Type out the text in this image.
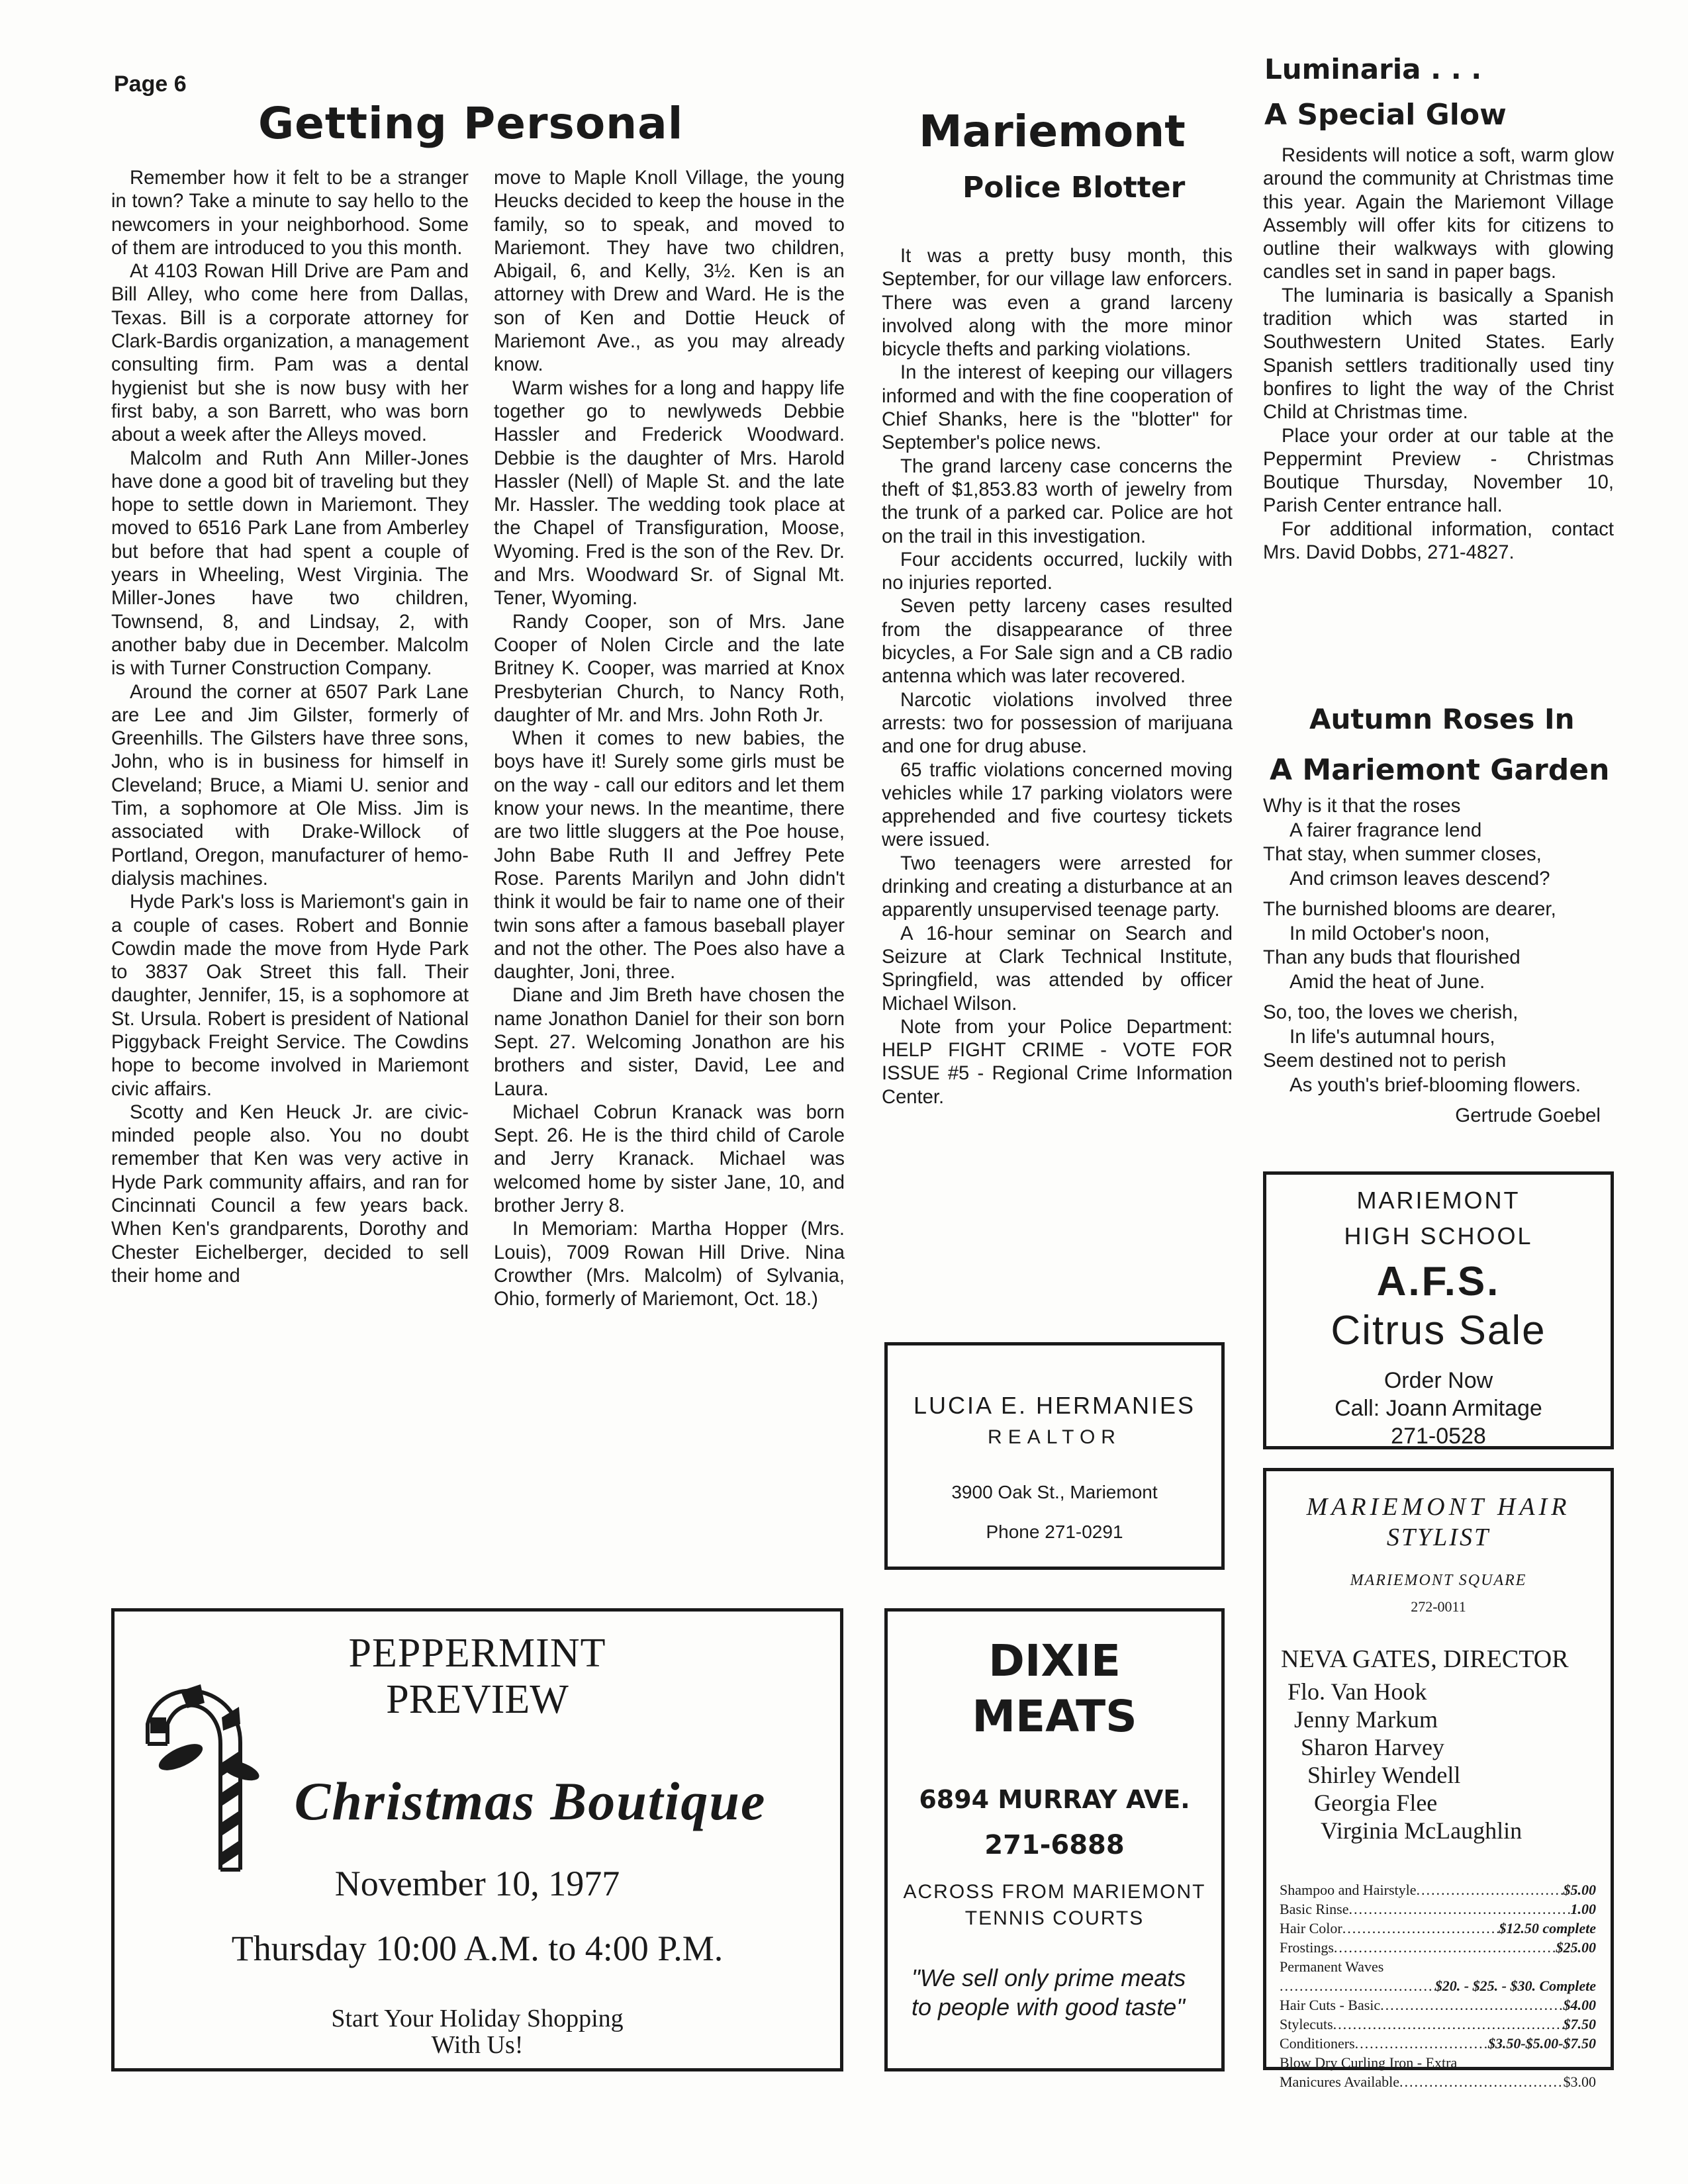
Page 6
Getting Personal

Remember how it felt to be a stranger in town? Take a minute to say hello to the newcomers in your neighborhood. Some of them are introduced to you this month.

At 4103 Rowan Hill Drive are Pam and Bill Alley, who come here from Dallas, Texas. Bill is a corporate attorney for Clark-Bardis organization, a management consulting firm. Pam was a dental hygienist but she is now busy with her first baby, a son Barrett, who was born about a week after the Alleys moved.

Malcolm and Ruth Ann Miller-Jones have done a good bit of traveling but they hope to settle down in Mariemont. They moved to 6516 Park Lane from Amberley but before that had spent a couple of years in Wheeling, West Virginia. The Miller-Jones have two children, Townsend, 8, and Lindsay, 2, with another baby due in December. Malcolm is with Turner Construction Company.

Around the corner at 6507 Park Lane are Lee and Jim Gilster, formerly of Greenhills. The Gilsters have three sons, John, who is in business for himself in Cleveland; Bruce, a Miami U. senior and Tim, a sophomore at Ole Miss. Jim is associated with Drake-Willock of Portland, Oregon, manufacturer of hemo-dialysis machines.

Hyde Park's loss is Mariemont's gain in a couple of cases. Robert and Bonnie Cowdin made the move from Hyde Park to 3837 Oak Street this fall. Their daughter, Jennifer, 15, is a sophomore at St. Ursula. Robert is president of National Piggyback Freight Service. The Cowdins hope to become involved in Mariemont civic affairs.

Scotty and Ken Heuck Jr. are civic-minded people also. You no doubt remember that Ken was very active in Hyde Park community affairs, and ran for Cincinnati Council a few years back. When Ken's grandparents, Dorothy and Chester Eichelberger, decided to sell their home and

move to Maple Knoll Village, the young Heucks decided to keep the house in the family, so to speak, and moved to Mariemont. They have two children, Abigail, 6, and Kelly, 3½. Ken is an attorney with Drew and Ward. He is the son of Ken and Dottie Heuck of Mariemont Ave., as you may already know.

Warm wishes for a long and happy life together go to newlyweds Debbie Hassler and Frederick Woodward. Debbie is the daughter of Mrs. Harold Hassler (Nell) of Maple St. and the late Mr. Hassler. The wedding took place at the Chapel of Transfiguration, Moose, Wyoming. Fred is the son of the Rev. Dr. and Mrs. Woodward Sr. of Signal Mt. Tener, Wyoming.

Randy Cooper, son of Mrs. Jane Cooper of Nolen Circle and the late Britney K. Cooper, was married at Knox Presbyterian Church, to Nancy Roth, daughter of Mr. and Mrs. John Roth Jr.

When it comes to new babies, the boys have it! Surely some girls must be on the way - call our editors and let them know your news. In the meantime, there are two little sluggers at the Poe house, John Babe Ruth II and Jeffrey Pete Rose. Parents Marilyn and John didn't think it would be fair to name one of their twin sons after a famous baseball player and not the other. The Poes also have a daughter, Joni, three.

Diane and Jim Breth have chosen the name Jonathon Daniel for their son born Sept. 27. Welcoming Jonathon are his brothers and sister, David, Lee and Laura.

Michael Cobrun Kranack was born Sept. 26. He is the third child of Carole and Jerry Kranack. Michael was welcomed home by sister Jane, 10, and brother Jerry 8.

In Memoriam: Martha Hopper (Mrs. Louis), 7009 Rowan Hill Drive. Nina Crowther (Mrs. Malcolm) of Sylvania, Ohio, formerly of Mariemont, Oct. 18.)

Mariemont
Police Blotter

It was a pretty busy month, this September, for our village law enforcers. There was even a grand larceny involved along with the more minor bicycle thefts and parking violations.

In the interest of keeping our villagers informed and with the fine cooperation of Chief Shanks, here is the "blotter" for September's police news.

The grand larceny case concerns the theft of $1,853.83 worth of jewelry from the trunk of a parked car. Police are hot on the trail in this investigation.

Four accidents occurred, luckily with no injuries reported.

Seven petty larceny cases resulted from the disappearance of three bicycles, a For Sale sign and a CB radio antenna which was later recovered.

Narcotic violations involved three arrests: two for possession of marijuana and one for drug abuse.

65 traffic violations concerned moving vehicles while 17 parking violators were apprehended and five courtesy tickets were issued.

Two teenagers were arrested for drinking and creating a disturbance at an apparently unsupervised teenage party.

A 16-hour seminar on Search and Seizure at Clark Technical Institute, Springfield, was attended by officer Michael Wilson.

Note from your Police Department: HELP FIGHT CRIME - VOTE FOR ISSUE #5 - Regional Crime Information Center.

Luminaria . . .
A Special Glow

Residents will notice a soft, warm glow around the community at Christmas time this year. Again the Mariemont Village Assembly will offer kits for citizens to outline their walkways with glowing candles set in sand in paper bags.

The luminaria is basically a Spanish tradition which was started in Southwestern United States. Early Spanish settlers traditionally used tiny bonfires to light the way of the Christ Child at Christmas time.

Place your order at our table at the Peppermint Preview - Christmas Boutique Thursday, November 10, Parish Center entrance hall.

For additional information, contact Mrs. David Dobbs, 271-4827.

Autumn Roses In
A Mariemont Garden
Why is it that the roses
A fairer fragrance lend
That stay, when summer closes,
And crimson leaves descend?
The burnished blooms are dearer,
In mild October's noon,
Than any buds that flourished
Amid the heat of June.
So, too, the loves we cherish,
In life's autumnal hours,
Seem destined not to perish
As youth's brief-blooming flowers.
Gertrude Goebel
MARIEMONT
HIGH SCHOOL
A.F.S.
Citrus Sale
Order Now
Call: Joann Armitage
271-0528
LUCIA E. HERMANIES
REALTOR
3900 Oak St., Mariemont
Phone 271-0291
PEPPERMINT
PREVIEW
Christmas Boutique
November 10, 1977
Thursday 10:00 A.M. to 4:00 P.M.
Start Your Holiday Shopping
With Us!
DIXIE
MEATS
6894 MURRAY AVE.
271-6888
ACROSS FROM MARIEMONT
TENNIS COURTS
"We sell only prime meats to people with good taste"
MARIEMONT HAIR
STYLIST
MARIEMONT SQUARE
272-0011
NEVA GATES, DIRECTOR
Flo. Van Hook
Jenny Markum
Sharon Harvey
Shirley Wendell
Georgia Flee
Virginia McLaughlin
Shampoo and Hairstyle .....	$5.00
Basic Rinse .....	1.00
Hair Color .....	$12.50 complete
Frostings .....	$25.00
Permanent Waves
.....
$20. - $25. - $30. Complete
Hair Cuts - Basic .....	$4.00
Stylecuts .....	$7.50
Conditioners .....	$3.50-$5.00-$7.50
Blow Dry Curling Iron - Extra
Manicures Available .....	$3.00
